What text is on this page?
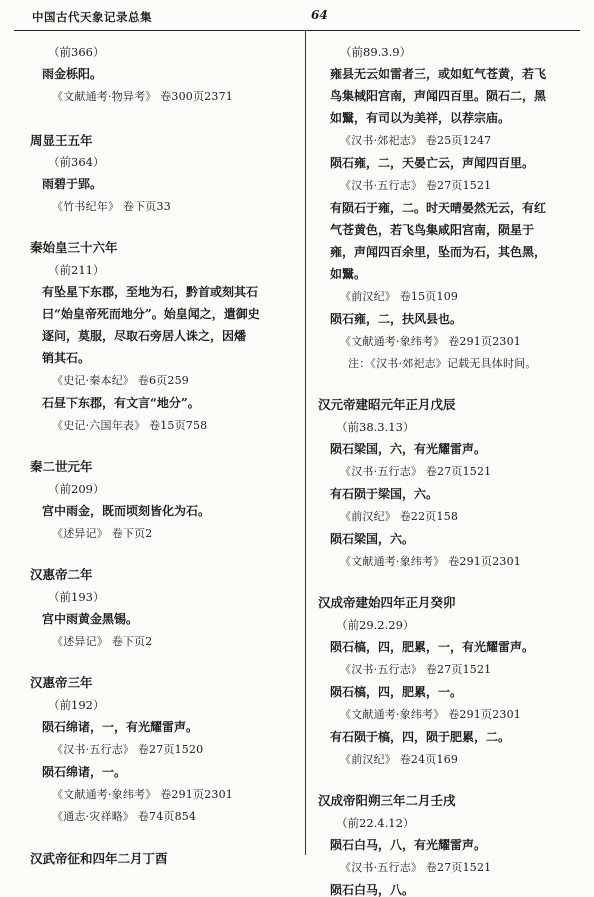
中国古代天象记录总集	64
（前366）
雨金栎阳。
《文献通考·物异考》 卷300页2371
周显王五年
（前364）
雨碧于郢。
《竹书纪年》 卷下页33
秦始皇三十六年
（前211）
有坠星下东郡，至地为石，黔首或刻其石
曰“始皇帝死而地分”。始皇闻之，遣御史
逐问，莫服，尽取石旁居人诛之，因燔
销其石。
《史记·秦本纪》 卷6页259
石昼下东郡，有文言“地分”。
《史记·六国年表》 卷15页758
秦二世元年
（前209）
宫中雨金，既而顷刻皆化为石。
《述异记》 卷下页2
汉惠帝二年
（前193）
宫中雨黄金黑锡。
《述异记》 卷下页2
汉惠帝三年
（前192）
陨石绵诸，一，有光耀雷声。
《汉书·五行志》 卷27页1520
陨石绵诸，一。
《文献通考·象纬考》 卷291页2301
《通志·灾祥略》 卷74页854
汉武帝征和四年二月丁酉
（前89.3.9）
雍县无云如雷者三，或如虹气苍黄，若飞
鸟集棫阳宫南，声闻四百里。陨石二，黑
如黳，有司以为美祥，以荐宗庙。
《汉书·郊祀志》 卷25页1247
陨石雍，二，天晏亡云，声闻四百里。
《汉书·五行志》 卷27页1521
有陨石于雍，二。时天晴晏然无云，有红
气苍黄色，若飞鸟集咸阳宫南，陨星于
雍，声闻四百余里，坠而为石，其色黑，
如黳。
《前汉纪》 卷15页109
陨石雍，二，扶风县也。
《文献通考·象纬考》 卷291页2301
注：《汉书·郊祀志》记载无具体时间。
汉元帝建昭元年正月戊辰
（前38.3.13）
陨石梁国，六，有光耀雷声。
《汉书·五行志》 卷27页1521
有石陨于梁国，六。
《前汉纪》 卷22页158
陨石梁国，六。
《文献通考·象纬考》 卷291页2301
汉成帝建始四年正月癸卯
（前29.2.29）
陨石槁，四，肥累，一，有光耀雷声。
《汉书·五行志》 卷27页1521
陨石槁，四，肥累，一。
《文献通考·象纬考》 卷291页2301
有石陨于槁，四，陨于肥累，二。
《前汉纪》 卷24页169
汉成帝阳朔三年二月壬戌
（前22.4.12）
陨石白马，八，有光耀雷声。
《汉书·五行志》 卷27页1521
陨石白马，八。
